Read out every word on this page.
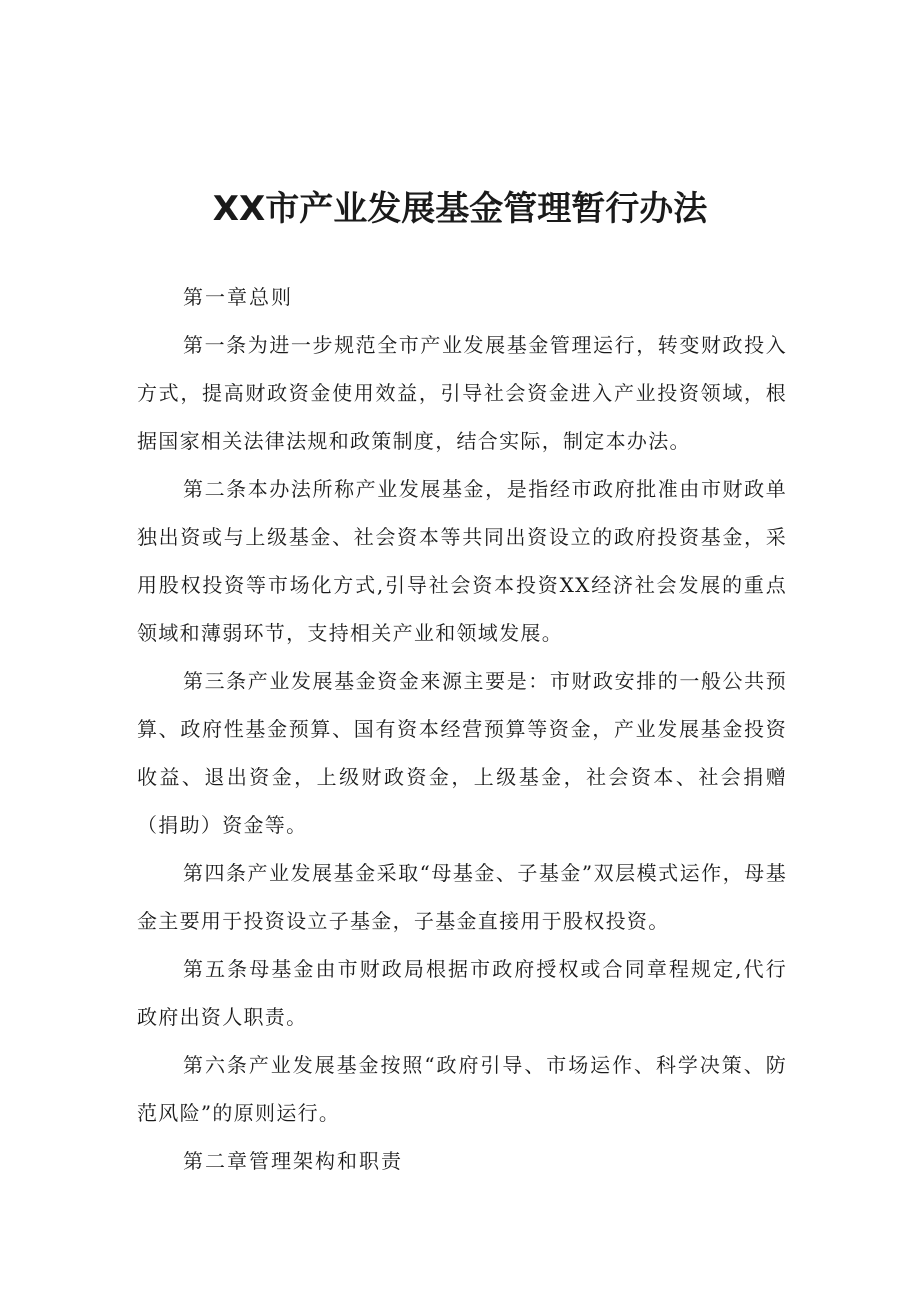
XX市产业发展基金管理暂行办法

第一章总则

第一条为进一步规范全市产业发展基金管理运行，转变财政投入方式，提高财政资金使用效益，引导社会资金进入产业投资领域，根据国家相关法律法规和政策制度，结合实际，制定本办法。

第二条本办法所称产业发展基金，是指经市政府批准由市财政单独出资或与上级基金、社会资本等共同出资设立的政府投资基金，采用股权投资等市场化方式,引导社会资本投资XX经济社会发展的重点领域和薄弱环节，支持相关产业和领域发展。

第三条产业发展基金资金来源主要是：市财政安排的一般公共预算、政府性基金预算、国有资本经营预算等资金，产业发展基金投资收益、退出资金，上级财政资金，上级基金，社会资本、社会捐赠（捐助）资金等。

第四条产业发展基金采取“母基金、子基金”双层模式运作，母基金主要用于投资设立子基金，子基金直接用于股权投资。

第五条母基金由市财政局根据市政府授权或合同章程规定,代行政府出资人职责。

第六条产业发展基金按照“政府引导、市场运作、科学决策、防范风险”的原则运行。

第二章管理架构和职责
